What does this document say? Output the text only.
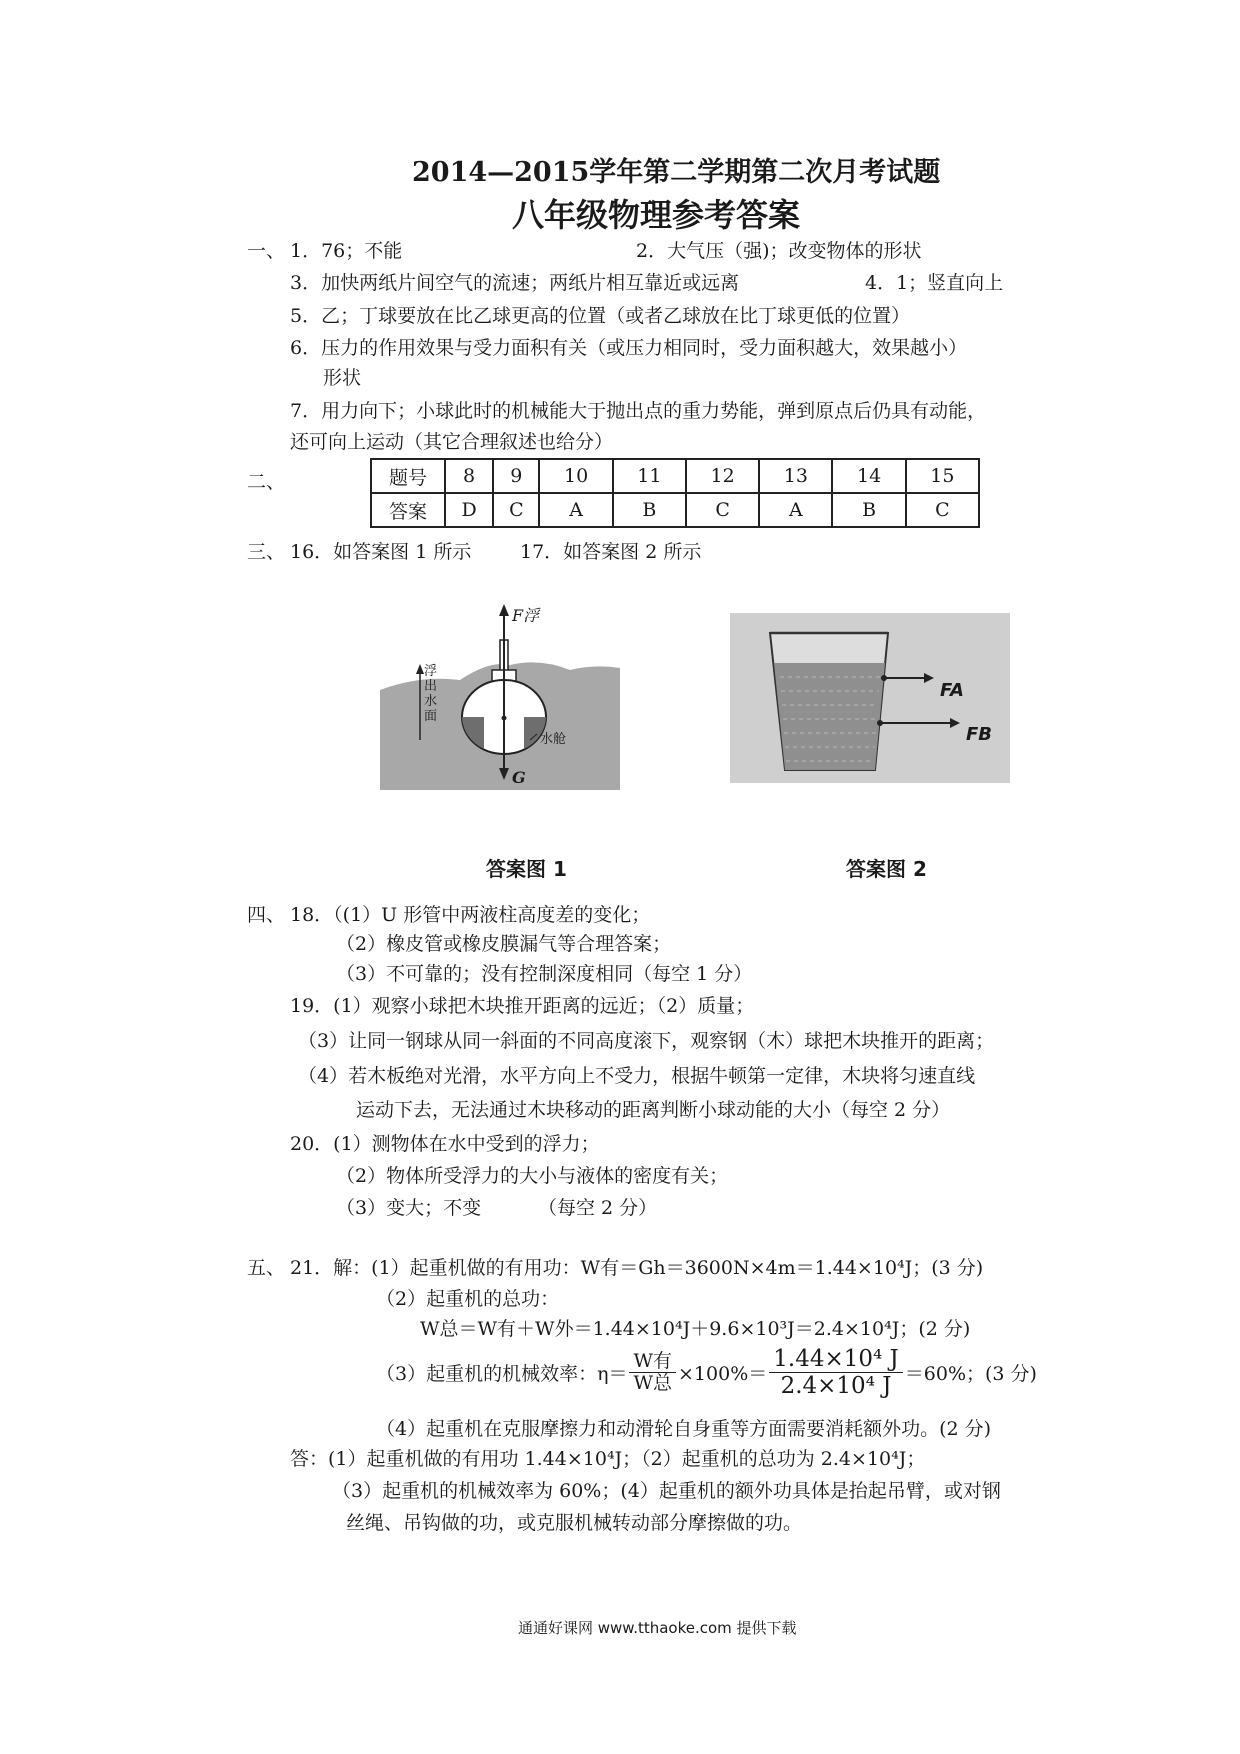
2014—2015学年第二学期第二次月考试题
八年级物理参考答案
一、 1．76；不能	2．大气压（强)；改变物体的形状
3．加快两纸片间空气的流速；两纸片相互靠近或远离	4．1；竖直向上
5．乙；丁球要放在比乙球更高的位置（或者乙球放在比丁球更低的位置）
6．压力的作用效果与受力面积有关（或压力相同时，受力面积越大，效果越小）
形状
7．用力向下；小球此时的机械能大于抛出点的重力势能，弹到原点后仍具有动能，
还可向上运动（其它合理叙述也给分）
二、	题号	8	9	10	11	12	13	14	15
答案	D	C	A	B	C	A	B	C
三、 16．如答案图 1 所示	17．如答案图 2 所示
F浮
G
浮出水面
水舱
答案图 1
FA
FB
答案图 2
四、 18．（(1）U 形管中两液柱高度差的变化；
（2）橡皮管或橡皮膜漏气等合理答案；
（3）不可靠的；没有控制深度相同（每空 1 分）
19．(1）观察小球把木块推开距离的远近；（2）质量；
（3）让同一钢球从同一斜面的不同高度滚下，观察钢（木）球把木块推开的距离；
（4）若木板绝对光滑，水平方向上不受力，根据牛顿第一定律，木块将匀速直线
运动下去，无法通过木块移动的距离判断小球动能的大小（每空 2 分）
20．(1）测物体在水中受到的浮力；
（2）物体所受浮力的大小与液体的密度有关；
（3）变大；不变	（每空 2 分）
五、 21．解：(1）起重机做的有用功：W有＝Gh＝3600N×4m＝1.44×10⁴J；(3 分)
（2）起重机的总功：
W总＝W有＋W外＝1.44×10⁴J＋9.6×10³J＝2.4×10⁴J；(2 分)
（3）起重机的机械效率：$\eta= \frac{\text{W有}}{\text{W总}} \times 100\%= \frac{\text{1.44×10⁴ J}}{\text{2.4×10⁴ J}} =60\%$；(3 分)
（4）起重机在克服摩擦力和动滑轮自身重等方面需要消耗额外功。(2 分)
答：(1）起重机做的有用功 1.44×10⁴J；（2）起重机的总功为 2.4×10⁴J；
（3）起重机的机械效率为 60%；(4）起重机的额外功具体是抬起吊臂，或对钢
丝绳、吊钩做的功，或克服机械转动部分摩擦做的功。
通通好课网 www.tthaoke.com 提供下载
